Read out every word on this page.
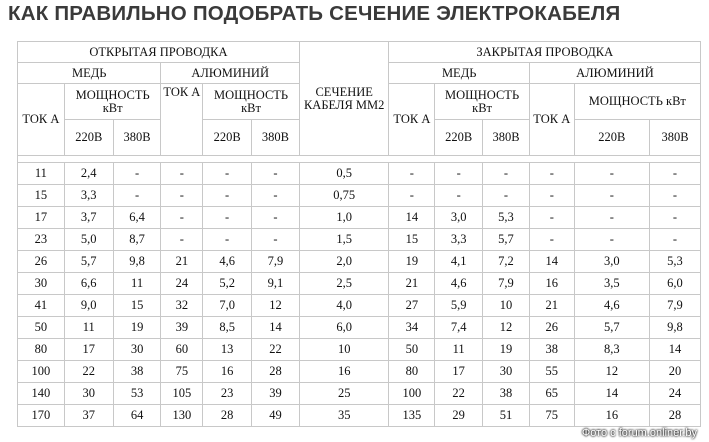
КАК ПРАВИЛЬНО ПОДОБРАТЬ СЕЧЕНИЕ ЭЛЕКТРОКАБЕЛЯ
ОТКРЫТАЯ ПРОВОДКА						СЕЧЕНИЕ КАБЕЛЯ ММ2	ЗАКРЫТАЯ ПРОВОДКА					
МЕДЬ			АЛЮМИНИЙ				МЕДЬ			АЛЮМИНИЙ		
ТОК А	МОЩНОСТЬ кВт		ТОК А	МОЩНОСТЬ кВт			ТОК А	МОЩНОСТЬ кВт		ТОК А	МОЩНОСТЬ кВт	
	220В	380В		220В	380В			220В	380В		220В	380В

11	2,4	-	-	-	-	0,5	-	-	-	-	-	-
15	3,3	-	-	-	-	0,75	-	-	-	-	-	-
17	3,7	6,4	-	-	-	1,0	14	3,0	5,3	-	-	-
23	5,0	8,7	-	-	-	1,5	15	3,3	5,7	-	-	-
26	5,7	9,8	21	4,6	7,9	2,0	19	4,1	7,2	14	3,0	5,3
30	6,6	11	24	5,2	9,1	2,5	21	4,6	7,9	16	3,5	6,0
41	9,0	15	32	7,0	12	4,0	27	5,9	10	21	4,6	7,9
50	11	19	39	8,5	14	6,0	34	7,4	12	26	5,7	9,8
80	17	30	60	13	22	10	50	11	19	38	8,3	14
100	22	38	75	16	28	16	80	17	30	55	12	20
140	30	53	105	23	39	25	100	22	38	65	14	24
170	37	64	130	28	49	35	135	29	51	75	16	28
Фото с forum.onliner.by
